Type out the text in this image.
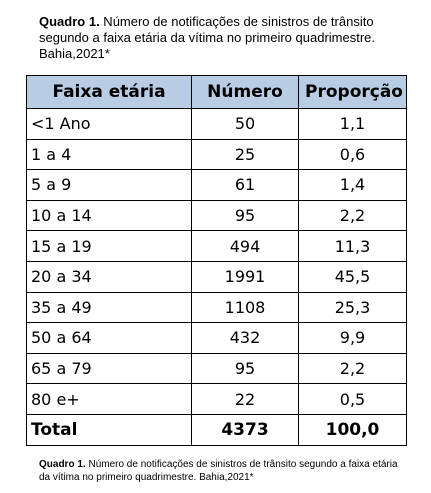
Quadro 1. Número de notificações de sinistros de trânsito segundo a faixa etária da vítima no primeiro quadrimestre. Bahia,2021*
Faixa etária	Número	Proporção
<1 Ano	50	1,1
1 a 4	25	0,6
5 a 9	61	1,4
10 a 14	95	2,2
15 a 19	494	11,3
20 a 34	1991	45,5
35 a 49	1108	25,3
50 a 64	432	9,9
65 a 79	95	2,2
80 e+	22	0,5
Total	4373	100,0
Quadro 1. Número de notificações de sinistros de trânsito segundo a faixa etária da vítima no primeiro quadrimestre. Bahia,2021*
